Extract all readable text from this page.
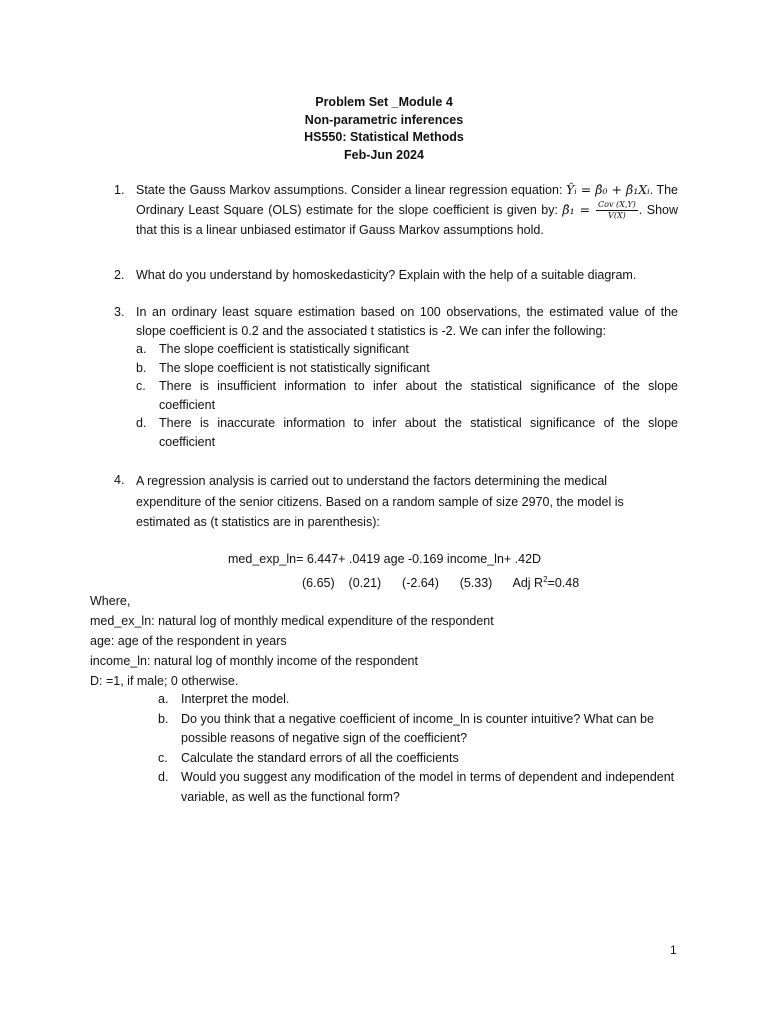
Problem Set _Module 4
Non-parametric inferences
HS550: Statistical Methods
Feb-Jun 2024
1. State the Gauss Markov assumptions. Consider a linear regression equation: Ŷᵢ = β̂₀ + β̂₁Xᵢ. The Ordinary Least Square (OLS) estimate for the slope coefficient is given by: β̂₁ = $\frac{\text{Cov (X,Y)}}{V(X)}$ . Show that this is a linear unbiased estimator if Gauss Markov assumptions hold.
2. What do you understand by homoskedasticity? Explain with the help of a suitable diagram.
3. In an ordinary least square estimation based on 100 observations, the estimated value of the slope coefficient is 0.2 and the associated t statistics is -2. We can infer the following:
a. The slope coefficient is statistically significant
b. The slope coefficient is not statistically significant
c. There is insufficient information to infer about the statistical significance of the slope coefficient
d. There is inaccurate information to infer about the statistical significance of the slope coefficient
4. A regression analysis is carried out to understand the factors determining the medical expenditure of the senior citizens. Based on a random sample of size 2970, the model is estimated as (t statistics are in parenthesis):
med_exp_ln= 6.447+ .0419 age -0.169 income_ln+ .42D
(6.65)    (0.21)      (-2.64)      (5.33)      Adj $R^2=0.48$
Where,
med_ex_ln: natural log of monthly medical expenditure of the respondent
age: age of the respondent in years
income_ln: natural log of monthly income of the respondent
D: =1, if male; 0 otherwise.
a. Interpret the model.
b. Do you think that a negative coefficient of income_ln is counter intuitive? What can be possible reasons of negative sign of the coefficient?
c. Calculate the standard errors of all the coefficients
d. Would you suggest any modification of the model in terms of dependent and independent variable, as well as the functional form?
1
